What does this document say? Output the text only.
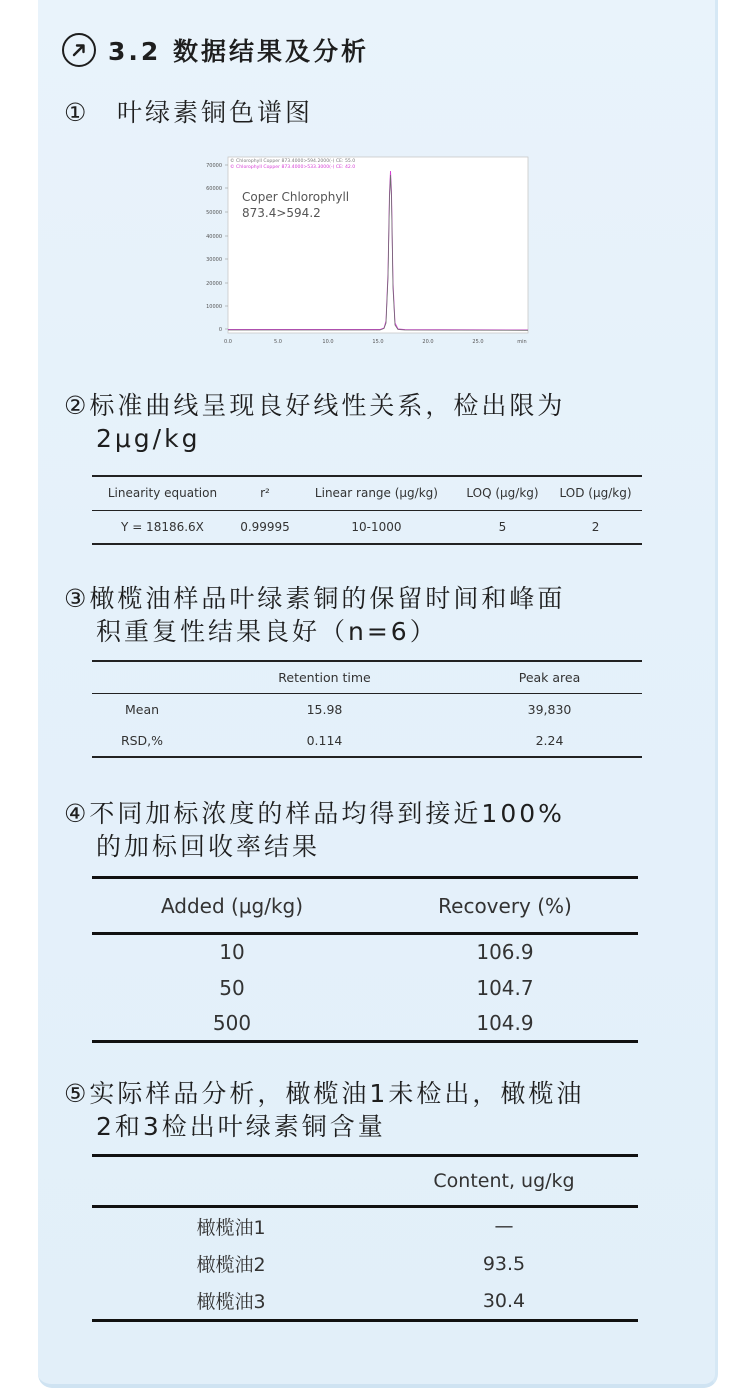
3.2 数据结果及分析
① 叶绿素铜色谱图
© Chlorophyll Copper 873.4000>594.2000(-) CE: 55.0
© Chlorophyll Copper 873.4000>533.3000(-) CE: 42.0
Coper Chlorophyll
873.4>594.2
70000
60000
50000
40000
30000
20000
10000
0
0.0	5.0	10.0	15.0	20.0	25.0	min
②标准曲线呈现良好线性关系，检出限为
2μg/kg
Linearity equation	r²	Linear range (μg/kg)	LOQ (μg/kg)	LOD (μg/kg)
Y = 18186.6X	0.99995	10-1000	5	2
③橄榄油样品叶绿素铜的保留时间和峰面
积重复性结果良好（n=6）
	Retention time	Peak area
Mean	15.98	39,830
RSD,%	0.114	2.24
④不同加标浓度的样品均得到接近100%
的加标回收率结果
Added (μg/kg)	Recovery (%)
10	106.9
50	104.7
500	104.9
⑤实际样品分析，橄榄油1未检出，橄榄油
2和3检出叶绿素铜含量
	Content, ug/kg
橄榄油1	—
橄榄油2	93.5
橄榄油3	30.4
